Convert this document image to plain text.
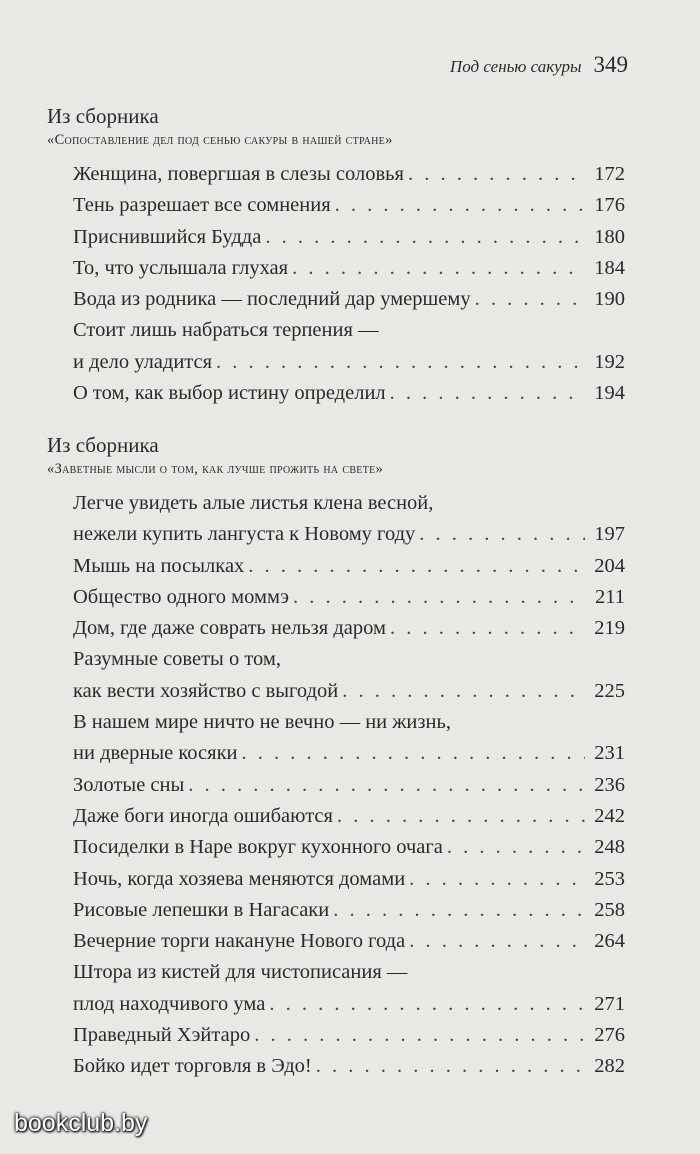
Под сенью сакуры 349
Из сборника
«Сопоставление дел под сенью сакуры в нашей стране»
Женщина, повергшая в слезы соловья . . .	172
Тень разрешает все сомнения . . .	176
Приснившийся Будда . . .	180
То, что услышала глухая . . .	184
Вода из родника — последний дар умершему . . .	190
Стоит лишь набраться терпения —
и дело уладится . . .	192
О том, как выбор истину определил . . .	194
Из сборника
«Заветные мысли о том, как лучше прожить на свете»
Легче увидеть алые листья клена весной,
нежели купить лангуста к Новому году . . .	197
Мышь на посылках . . .	204
Общество одного моммэ . . .	211
Дом, где даже соврать нельзя даром . . .	219
Разумные советы о том,
как вести хозяйство с выгодой . . .	225
В нашем мире ничто не вечно — ни жизнь,
ни дверные косяки . . .	231
Золотые сны . . .	236
Даже боги иногда ошибаются . . .	242
Посиделки в Наре вокруг кухонного очага . . .	248
Ночь, когда хозяева меняются домами . . .	253
Рисовые лепешки в Нагасаки . . .	258
Вечерние торги накануне Нового года . . .	264
Штора из кистей для чистописания —
плод находчивого ума . . .	271
Праведный Хэйтаро . . .	276
Бойко идет торговля в Эдо! . . .	282
bookclub.by
